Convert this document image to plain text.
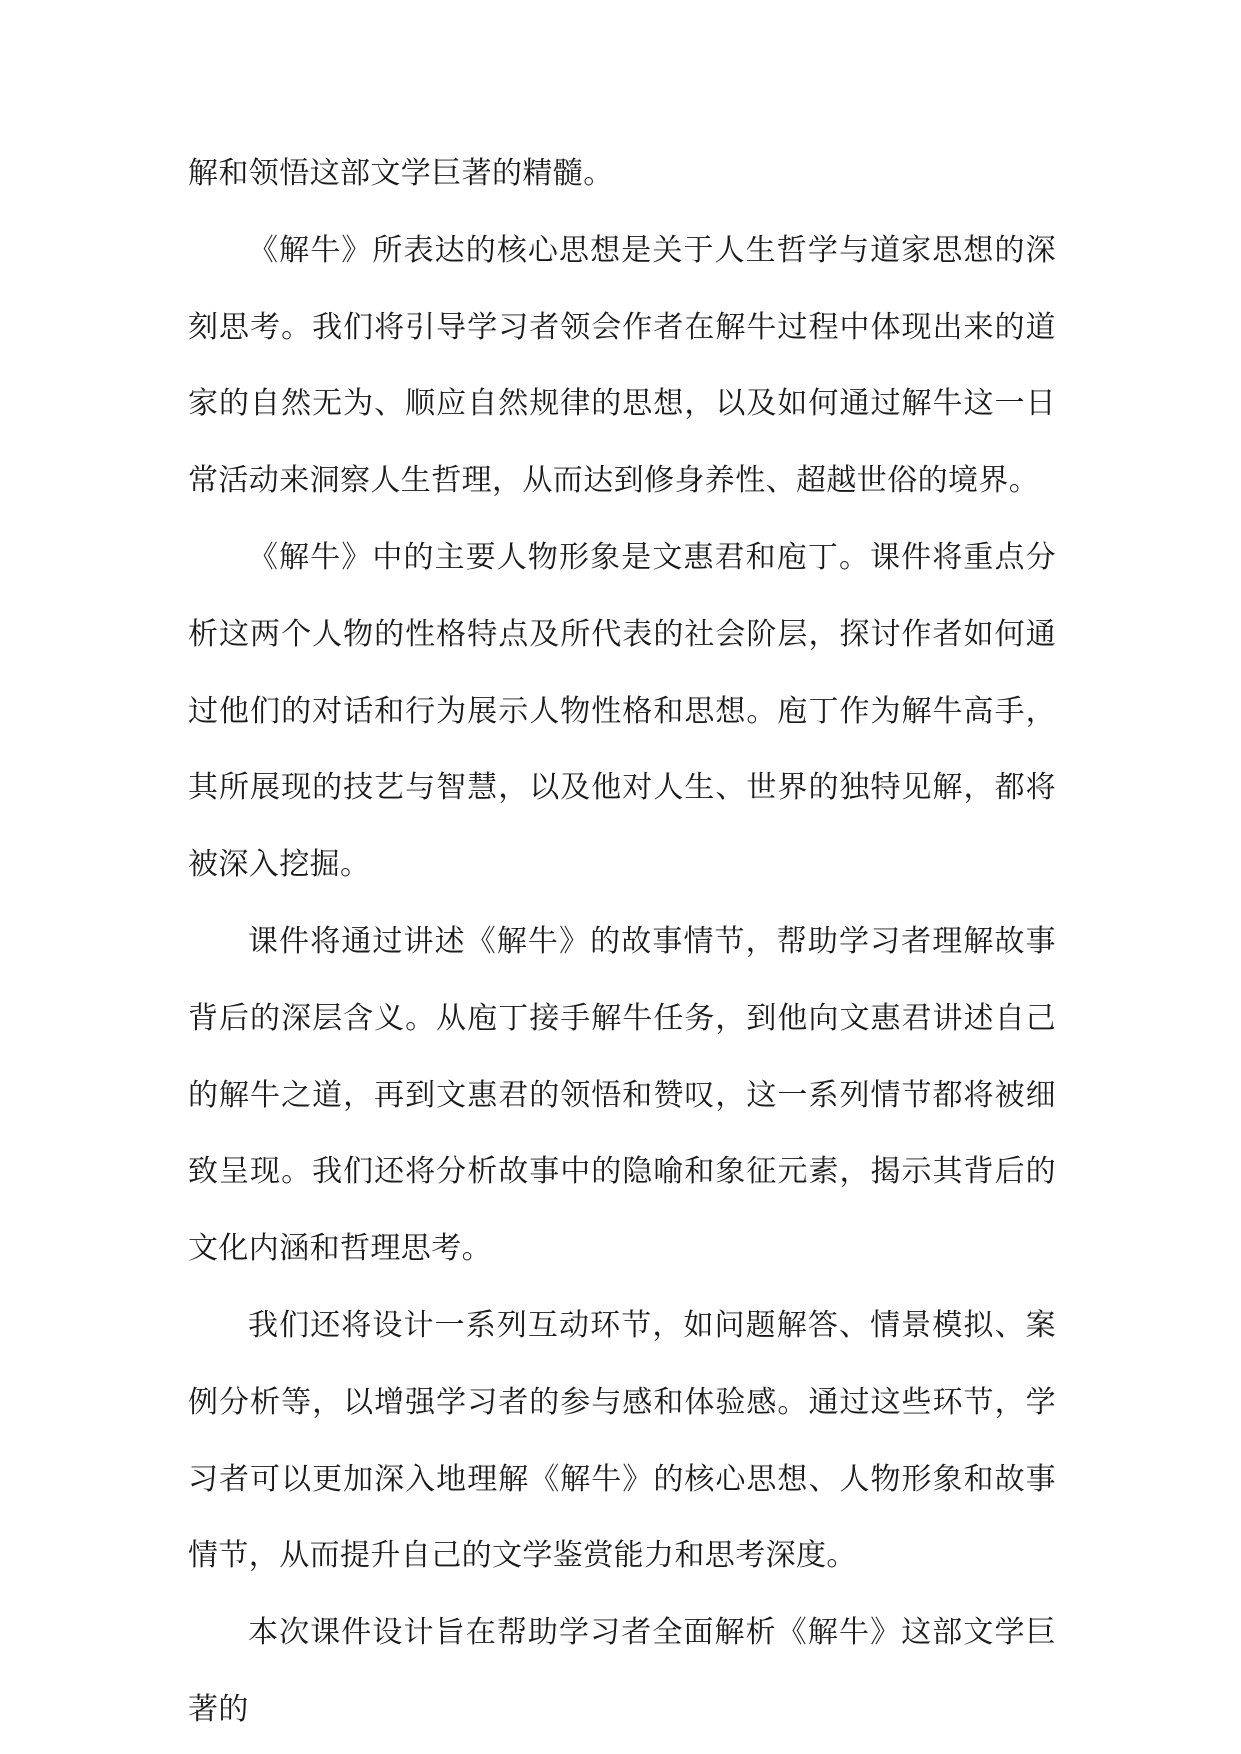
解和领悟这部文学巨著的精髓。

《解牛》所表达的核心思想是关于人生哲学与道家思想的深刻思考。我们将引导学习者领会作者在解牛过程中体现出来的道家的自然无为、顺应自然规律的思想，以及如何通过解牛这一日常活动来洞察人生哲理，从而达到修身养性、超越世俗的境界。

《解牛》中的主要人物形象是文惠君和庖丁。课件将重点分析这两个人物的性格特点及所代表的社会阶层，探讨作者如何通过他们的对话和行为展示人物性格和思想。庖丁作为解牛高手，其所展现的技艺与智慧，以及他对人生、世界的独特见解，都将被深入挖掘。

课件将通过讲述《解牛》的故事情节，帮助学习者理解故事背后的深层含义。从庖丁接手解牛任务，到他向文惠君讲述自己的解牛之道，再到文惠君的领悟和赞叹，这一系列情节都将被细致呈现。我们还将分析故事中的隐喻和象征元素，揭示其背后的文化内涵和哲理思考。

我们还将设计一系列互动环节，如问题解答、情景模拟、案例分析等，以增强学习者的参与感和体验感。通过这些环节，学习者可以更加深入地理解《解牛》的核心思想、人物形象和故事情节，从而提升自己的文学鉴赏能力和思考深度。

本次课件设计旨在帮助学习者全面解析《解牛》这部文学巨著的
